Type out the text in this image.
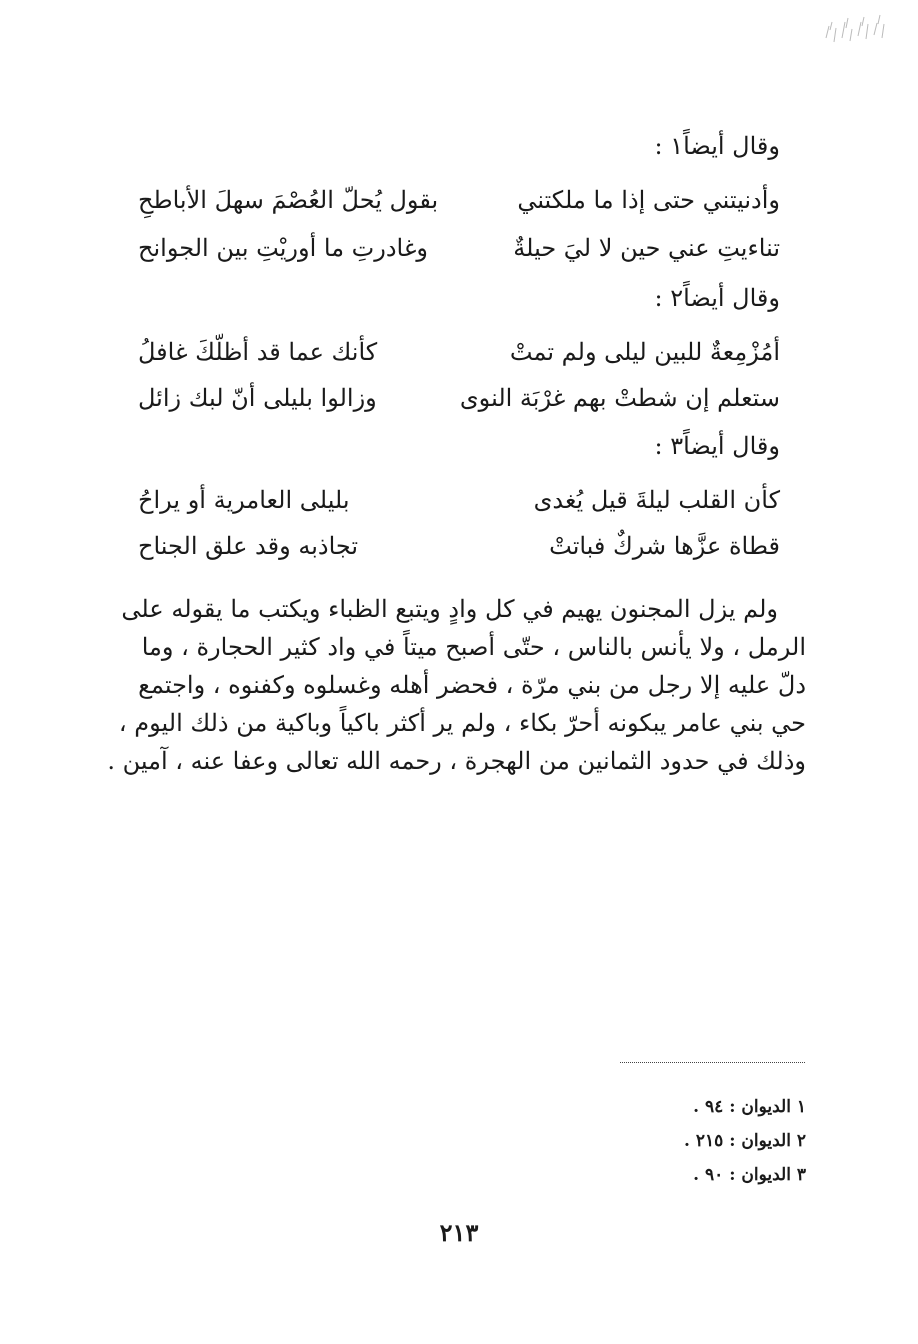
وقال أيضاً١ :
وأدنيتني حتى إذا ما ملكتني
بقول يُحلّ العُصْمَ سهلَ الأباطحِ
تناءيتِ عني حين لا ليَ حيلةٌ
وغادرتِ ما أوريْتِ بين الجوانح
وقال أيضاً٢ :
أمُزْمِعةٌ للبين ليلى ولم تمتْ
كأنك عما قد أظلّكَ غافلُ
ستعلم إن شطتْ بهم غرْبَة النوى
وزالوا بليلى أنّ لبك زائل
وقال أيضاً٣ :
كأن القلب ليلةَ قيل يُغدى
بليلى العامرية أو يراحُ
قطاة عزَّها شركٌ فباتتْ
تجاذبه وقد علق الجناح
ولم يزل المجنون يهيم في كل وادٍ ويتبع الظباء ويكتب ما يقوله على
الرمل ، ولا يأنس بالناس ، حتّى أصبح ميتاً في واد كثير الحجارة ، وما
دلّ عليه إلا رجل من بني مرّة ، فحضر أهله وغسلوه وكفنوه ، واجتمع
حي بني عامر يبكونه أحرّ بكاء ، ولم ير أكثر باكياً وباكية من ذلك اليوم ،
وذلك في حدود الثمانين من الهجرة ، رحمه الله تعالى وعفا عنه ، آمين .
١ الديوان : ٩٤ .
٢ الديوان : ٢١٥ .
٣ الديوان : ٩٠ .
٢١٣
